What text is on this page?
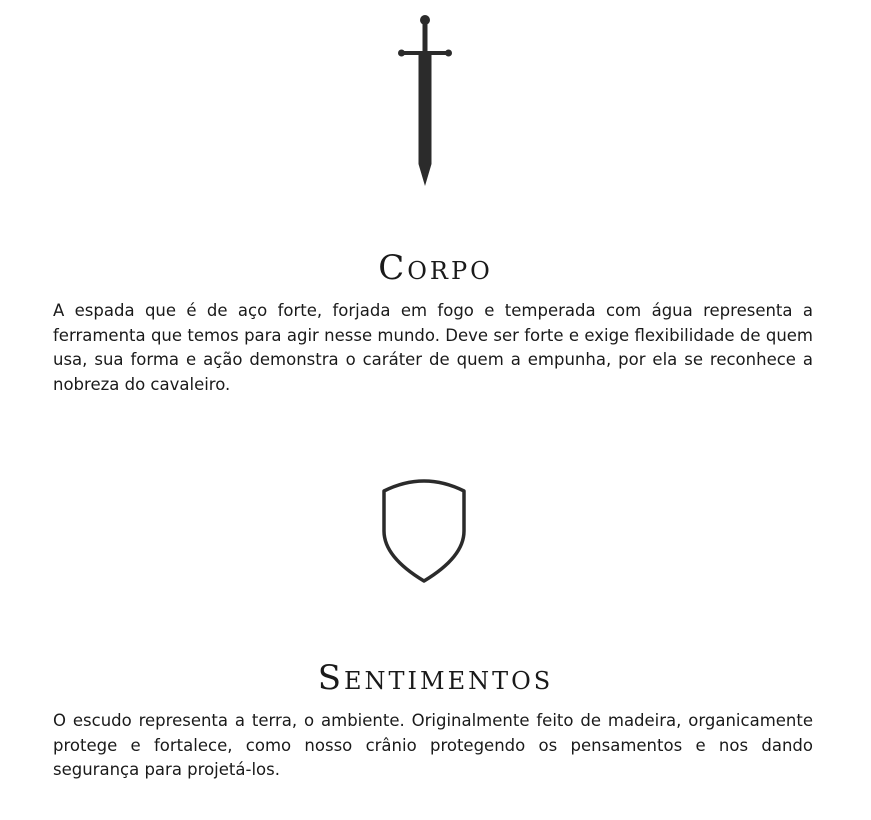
Corpo

A espada que é de aço forte, forjada em fogo e temperada com água representa a ferramenta que temos para agir nesse mundo. Deve ser forte e exige flexibilidade de quem usa, sua forma e ação demonstra o caráter de quem a empunha, por ela se reconhece a nobreza do cavaleiro.

Sentimentos

O escudo representa a terra, o ambiente. Originalmente feito de madeira, organicamente protege e fortalece, como nosso crânio protegendo os pensamentos e nos dando segurança para projetá-los.
